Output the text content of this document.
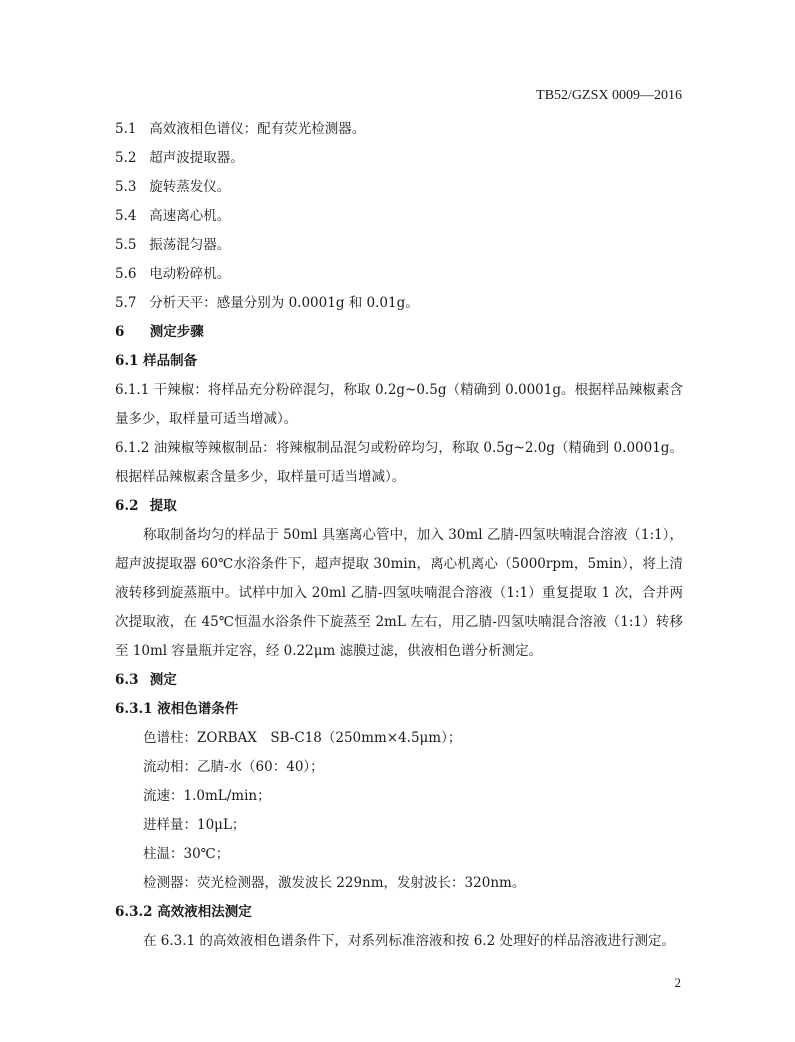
TB52/GZSX 0009—2016
5.1 高效液相色谱仪：配有荧光检测器。
5.2 超声波提取器。
5.3 旋转蒸发仪。
5.4 高速离心机。
5.5 振荡混匀器。
5.6 电动粉碎机。
5.7 分析天平：感量分别为 0.0001g 和 0.01g。
6 测定步骤
6.1 样品制备
6.1.1 干辣椒：将样品充分粉碎混匀，称取 0.2g~0.5g（精确到 0.0001g。根据样品辣椒素含量多少，取样量可适当增减）。
6.1.2 油辣椒等辣椒制品：将辣椒制品混匀或粉碎均匀，称取 0.5g~2.0g（精确到 0.0001g。根据样品辣椒素含量多少，取样量可适当增减）。
6.2 提取
称取制备均匀的样品于 50ml 具塞离心管中，加入 30ml 乙腈-四氢呋喃混合溶液（1:1），超声波提取器 60℃水浴条件下，超声提取 30min，离心机离心（5000rpm，5min），将上清液转移到旋蒸瓶中。试样中加入 20ml 乙腈-四氢呋喃混合溶液（1:1）重复提取 1 次，合并两次提取液，在 45℃恒温水浴条件下旋蒸至 2mL 左右，用乙腈-四氢呋喃混合溶液（1:1）转移至 10ml 容量瓶并定容，经 0.22μm 滤膜过滤，供液相色谱分析测定。
6.3 测定
6.3.1 液相色谱条件
色谱柱：ZORBAX　SB-C18（250mm×4.5μm）；
流动相：乙腈-水（60：40）；
流速：1.0mL/min；
进样量：10μL；
柱温：30℃；
检测器：荧光检测器，激发波长 229nm，发射波长：320nm。
6.3.2 高效液相法测定
在 6.3.1 的高效液相色谱条件下，对系列标准溶液和按 6.2 处理好的样品溶液进行测定。
2
